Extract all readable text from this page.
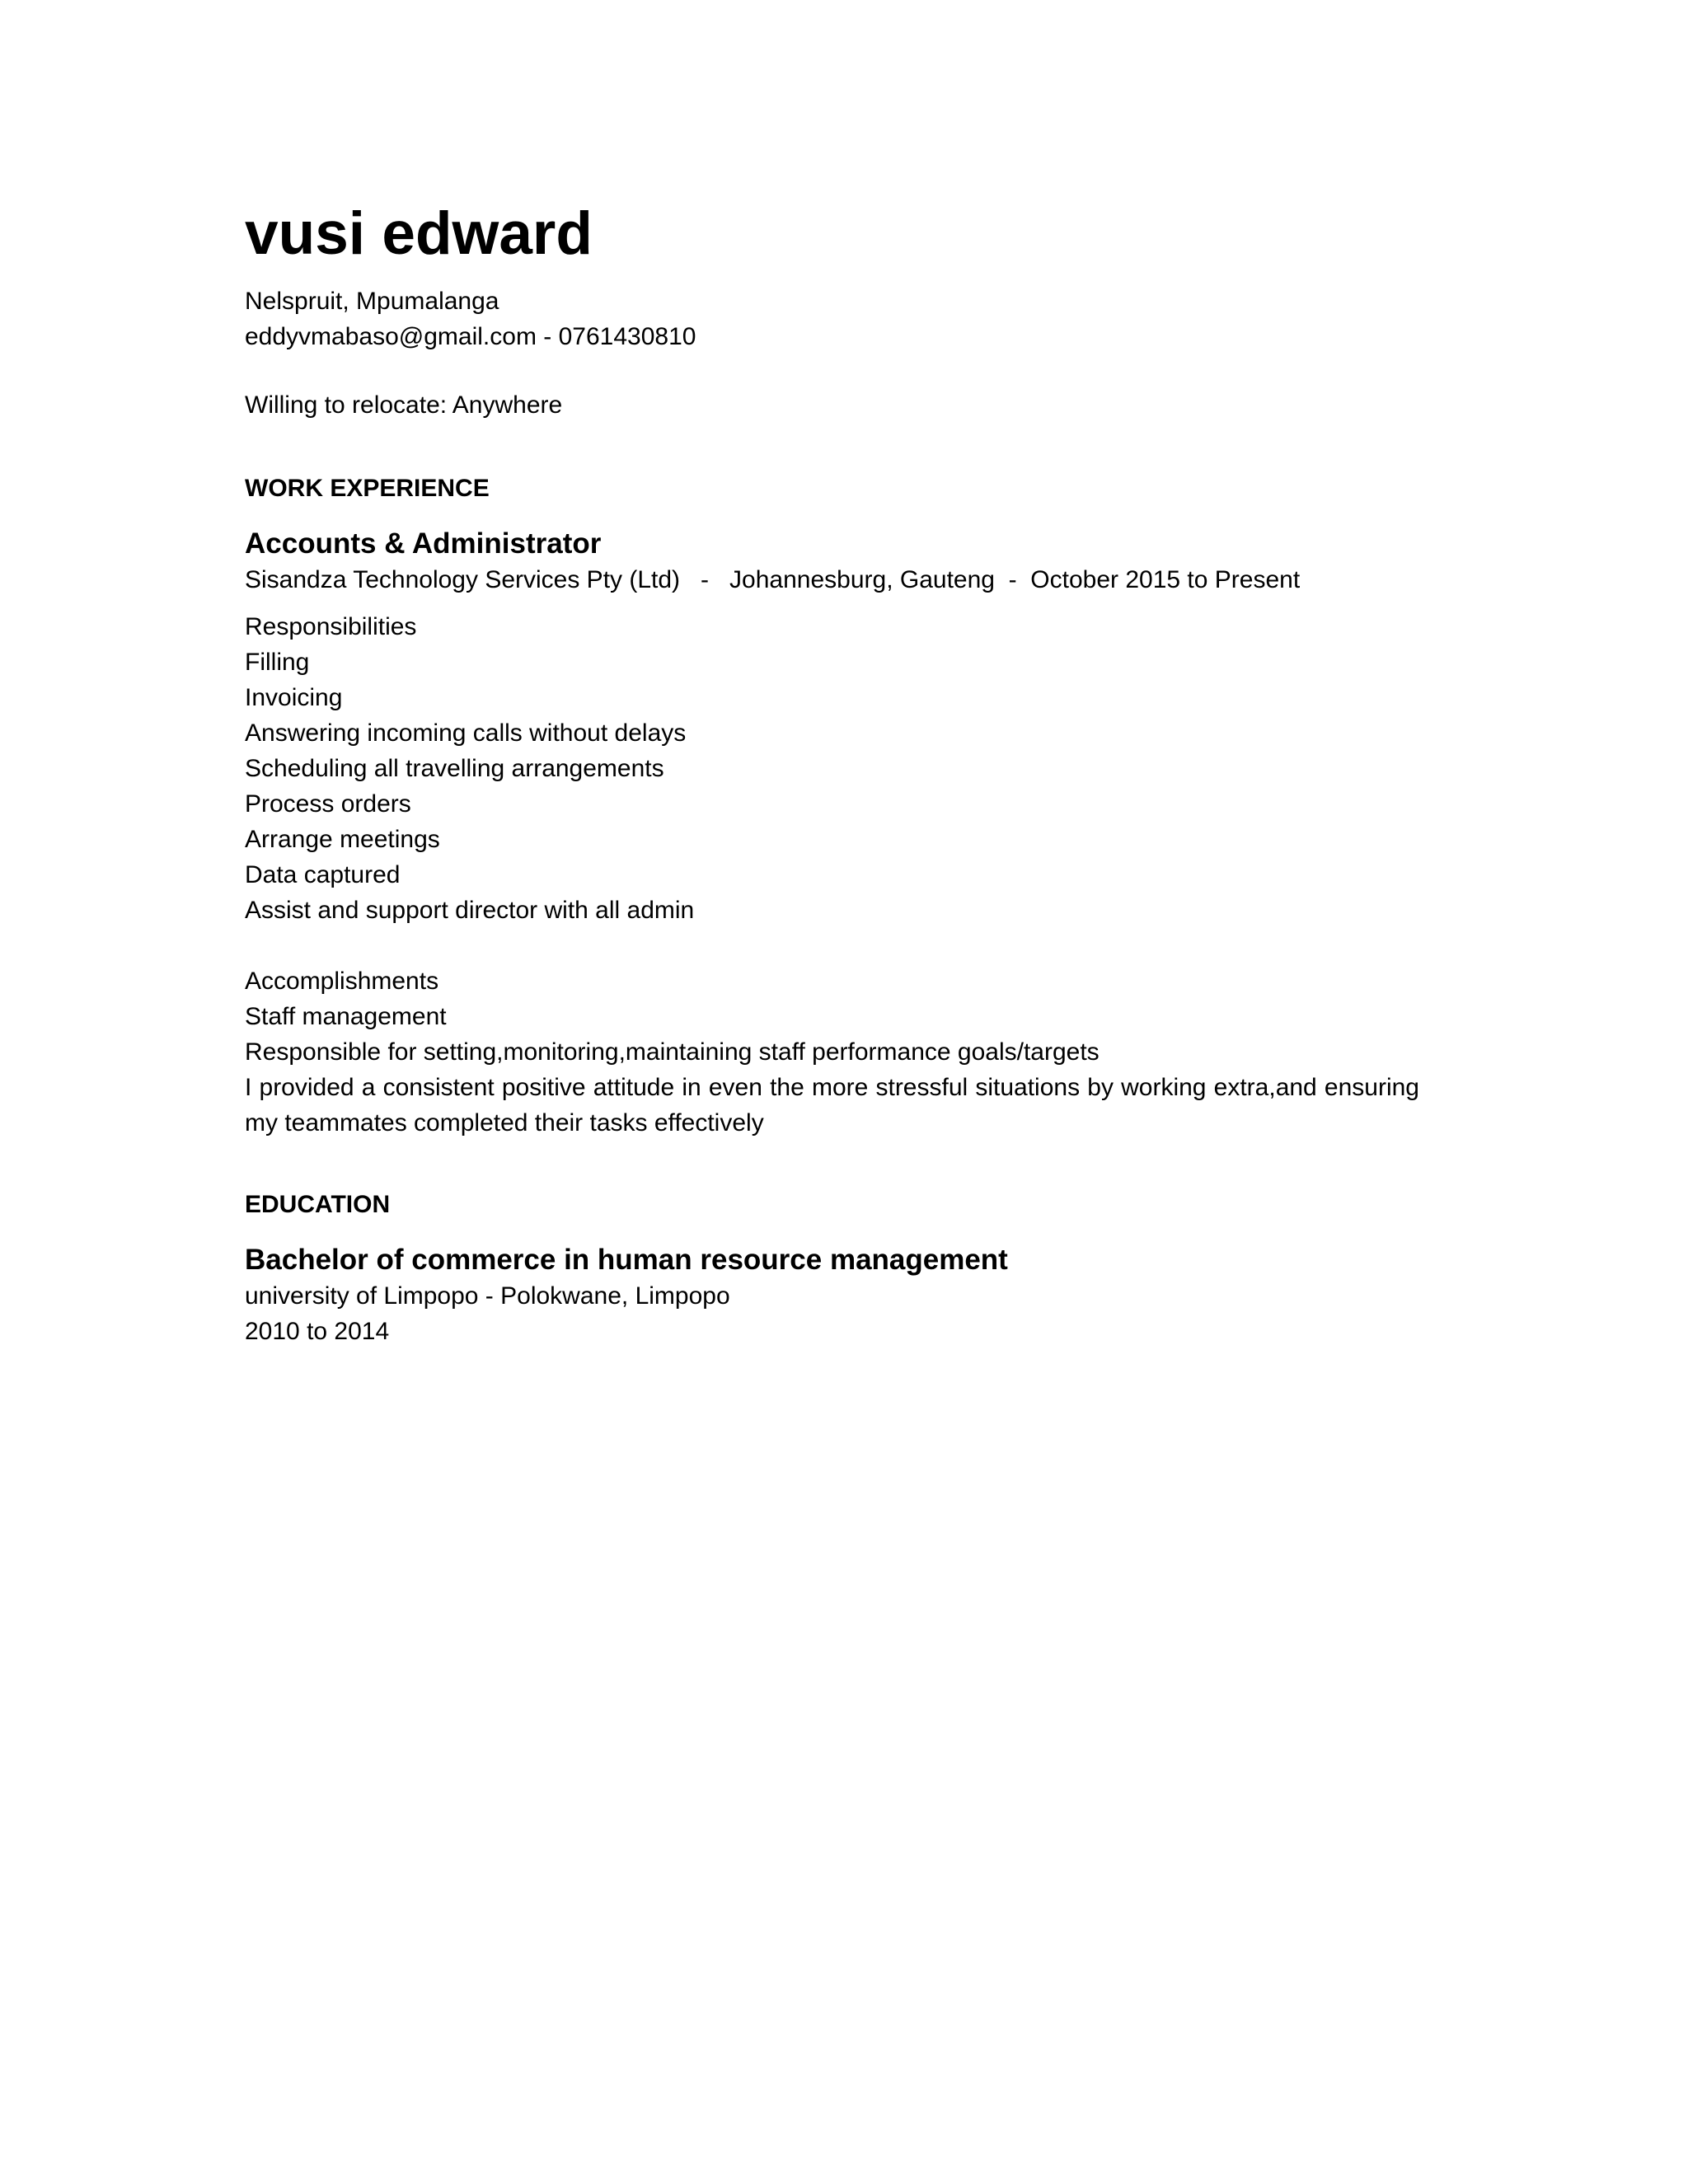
vusi edward

Nelspruit, Mpumalanga

eddyvmabaso@gmail.com - 0761430810

Willing to relocate: Anywhere

WORK EXPERIENCE
Accounts & Administrator

Sisandza Technology Services Pty (Ltd)   -   Johannesburg, Gauteng  -  October 2015 to Present

Responsibilities

Filling

Invoicing

Answering incoming calls without delays

Scheduling all travelling arrangements

Process orders

Arrange meetings

Data captured

Assist and support director with all admin

Accomplishments

Staff management

Responsible for setting,monitoring,maintaining staff performance goals/targets

I provided a consistent positive attitude in even the more stressful situations by working extra,and ensuring my teammates completed their tasks effectively

EDUCATION
Bachelor of commerce in human resource management

university of Limpopo - Polokwane, Limpopo

2010 to 2014
